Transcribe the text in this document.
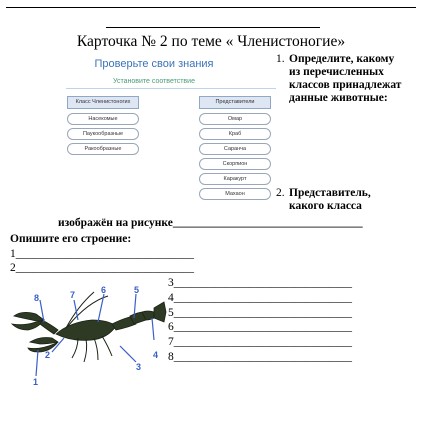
Карточка № 2 по теме « Членистоногие»
Проверьте свои знания
Установите соответствие
Класс Членистоногих	Представители
Насекомые
Паукообразные
Ракообразные
Омар
Краб
Саранча
Скорпион
Каракурт
Махаон
1. Определите, какому
из перечисленных
классов принадлежат
данные животные:
2. Представитель,
какого класса
изображён на рисунке_________________________________
Опишите его строение:
1_______________________________
2_______________________________
3_______________________________
4_______________________________
5_______________________________
6_______________________________
7_______________________________
8_______________________________
8	7	6	5
4
3
2
1
